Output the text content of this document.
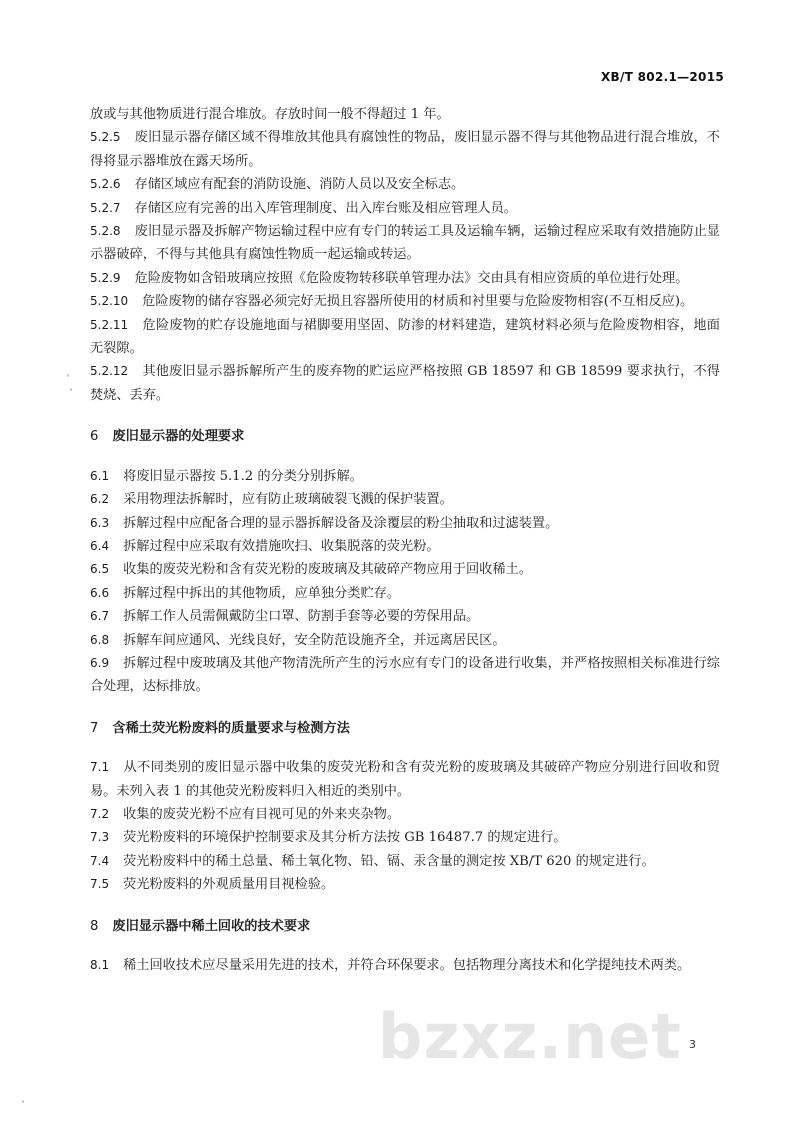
XB/T 802.1—2015

放或与其他物质进行混合堆放。存放时间一般不得超过 1 年。

5.2.5 废旧显示器存储区域不得堆放其他具有腐蚀性的物品，废旧显示器不得与其他物品进行混合堆放，不得将显示器堆放在露天场所。

5.2.6 存储区域应有配套的消防设施、消防人员以及安全标志。

5.2.7 存储区应有完善的出入库管理制度、出入库台账及相应管理人员。

5.2.8 废旧显示器及拆解产物运输过程中应有专门的转运工具及运输车辆，运输过程应采取有效措施防止显示器破碎，不得与其他具有腐蚀性物质一起运输或转运。

5.2.9 危险废物如含铅玻璃应按照《危险废物转移联单管理办法》交由具有相应资质的单位进行处理。

5.2.10 危险废物的储存容器必须完好无损且容器所使用的材质和衬里要与危险废物相容(不互相反应)。

5.2.11 危险废物的贮存设施地面与裙脚要用坚固、防渗的材料建造，建筑材料必须与危险废物相容，地面无裂隙。

5.2.12 其他废旧显示器拆解所产生的废弃物的贮运应严格按照 GB 18597 和 GB 18599 要求执行，不得焚烧、丢弃。

6 废旧显示器的处理要求

6.1 将废旧显示器按 5.1.2 的分类分别拆解。

6.2 采用物理法拆解时，应有防止玻璃破裂飞溅的保护装置。

6.3 拆解过程中应配备合理的显示器拆解设备及涂覆层的粉尘抽取和过滤装置。

6.4 拆解过程中应采取有效措施吹扫、收集脱落的荧光粉。

6.5 收集的废荧光粉和含有荧光粉的废玻璃及其破碎产物应用于回收稀土。

6.6 拆解过程中拆出的其他物质，应单独分类贮存。

6.7 拆解工作人员需佩戴防尘口罩、防割手套等必要的劳保用品。

6.8 拆解车间应通风、光线良好，安全防范设施齐全，并远离居民区。

6.9 拆解过程中废玻璃及其他产物清洗所产生的污水应有专门的设备进行收集，并严格按照相关标准进行综合处理，达标排放。

7 含稀土荧光粉废料的质量要求与检测方法

7.1 从不同类别的废旧显示器中收集的废荧光粉和含有荧光粉的废玻璃及其破碎产物应分别进行回收和贸易。未列入表 1 的其他荧光粉废料归入相近的类别中。

7.2 收集的废荧光粉不应有目视可见的外来夹杂物。

7.3 荧光粉废料的环境保护控制要求及其分析方法按 GB 16487.7 的规定进行。

7.4 荧光粉废料中的稀土总量、稀土氧化物、铅、镉、汞含量的测定按 XB/T 620 的规定进行。

7.5 荧光粉废料的外观质量用目视检验。

8 废旧显示器中稀土回收的技术要求

8.1 稀土回收技术应尽量采用先进的技术，并符合环保要求。包括物理分离技术和化学提纯技术两类。

bzxz.net 3
